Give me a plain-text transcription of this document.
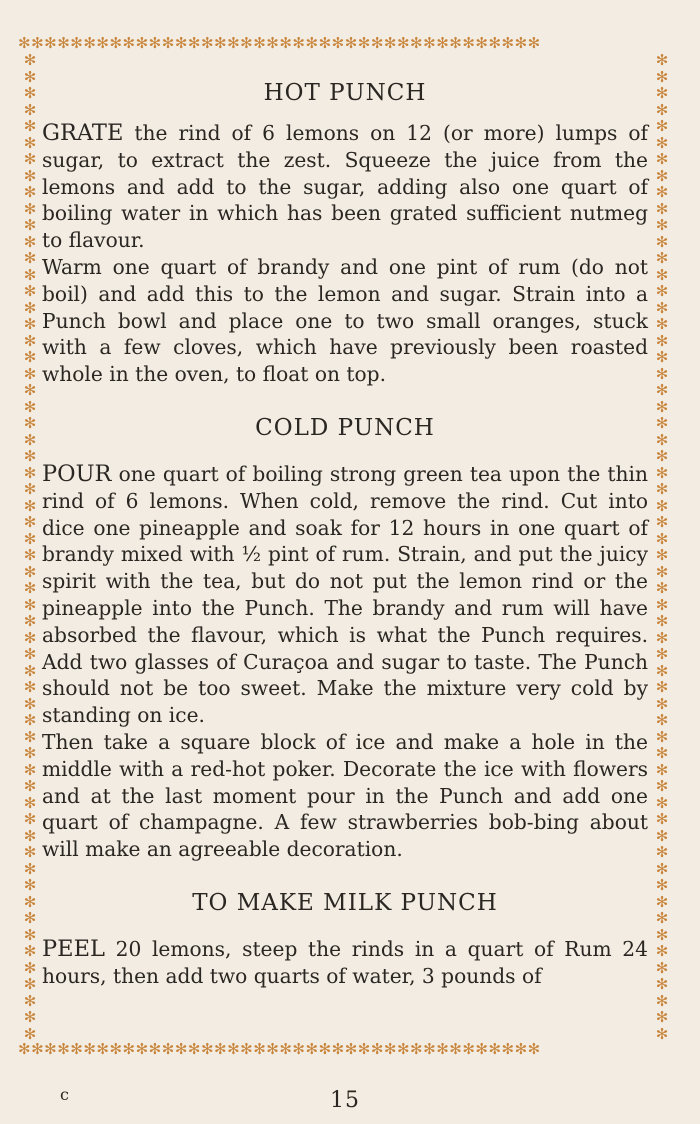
✻✻✻✻✻✻✻✻✻✻✻✻✻✻✻✻✻✻✻✻✻✻✻✻✻✻✻✻✻✻✻✻✻✻✻✻✻✻✻✻
✻
✻
✻
✻
✻
✻
✻
✻
✻
✻
✻
✻
✻
✻
✻
✻
✻
✻
✻
✻
✻
✻
✻
✻
✻
✻
✻
✻
✻
✻
✻
✻
✻
✻
✻
✻
✻
✻
✻
✻
✻
✻
✻
✻
✻
✻
✻
✻
✻
✻
✻
✻
✻
✻
✻
✻
✻
✻
✻
✻
✻
✻
✻
✻
✻
✻
✻
✻
✻
✻
✻
✻
✻
✻
✻
✻
✻
✻
✻
✻
✻
✻
✻
✻
✻
✻
✻
✻
✻
✻
✻
✻
✻
✻
✻
✻
✻
✻
✻
✻
✻
✻
✻
✻
✻
✻
✻
✻
✻
✻
✻
✻
✻
✻
✻
✻
✻
✻
✻
✻
✻✻✻✻✻✻✻✻✻✻✻✻✻✻✻✻✻✻✻✻✻✻✻✻✻✻✻✻✻✻✻✻✻✻✻✻✻✻✻✻
HOT PUNCH

GRATE the rind of 6 lemons on 12 (or more) lumps of sugar, to extract the zest. Squeeze the juice from the lemons and add to the sugar, adding also one quart of boiling water in which has been grated sufficient nutmeg to flavour.

Warm one quart of brandy and one pint of rum (do not boil) and add this to the lemon and sugar. Strain into a Punch bowl and place one to two small oranges, stuck with a few cloves, which have previously been roasted whole in the oven, to float on top.

COLD PUNCH

POUR one quart of boiling strong green tea upon the thin rind of 6 lemons. When cold, remove the rind. Cut into dice one pineapple and soak for 12 hours in one quart of brandy mixed with ½ pint of rum. Strain, and put the juicy spirit with the tea, but do not put the lemon rind or the pineapple into the Punch. The brandy and rum will have absorbed the flavour, which is what the Punch requires. Add two glasses of Curaçoa and sugar to taste. The Punch should not be too sweet. Make the mixture very cold by standing on ice.

Then take a square block of ice and make a hole in the middle with a red-hot poker. Decorate the ice with flowers and at the last moment pour in the Punch and add one quart of champagne. A few strawberries bob-bing about will make an agreeable decoration.

TO MAKE MILK PUNCH

PEEL 20 lemons, steep the rinds in a quart of Rum 24 hours, then add two quarts of water, 3 pounds of

c	15
